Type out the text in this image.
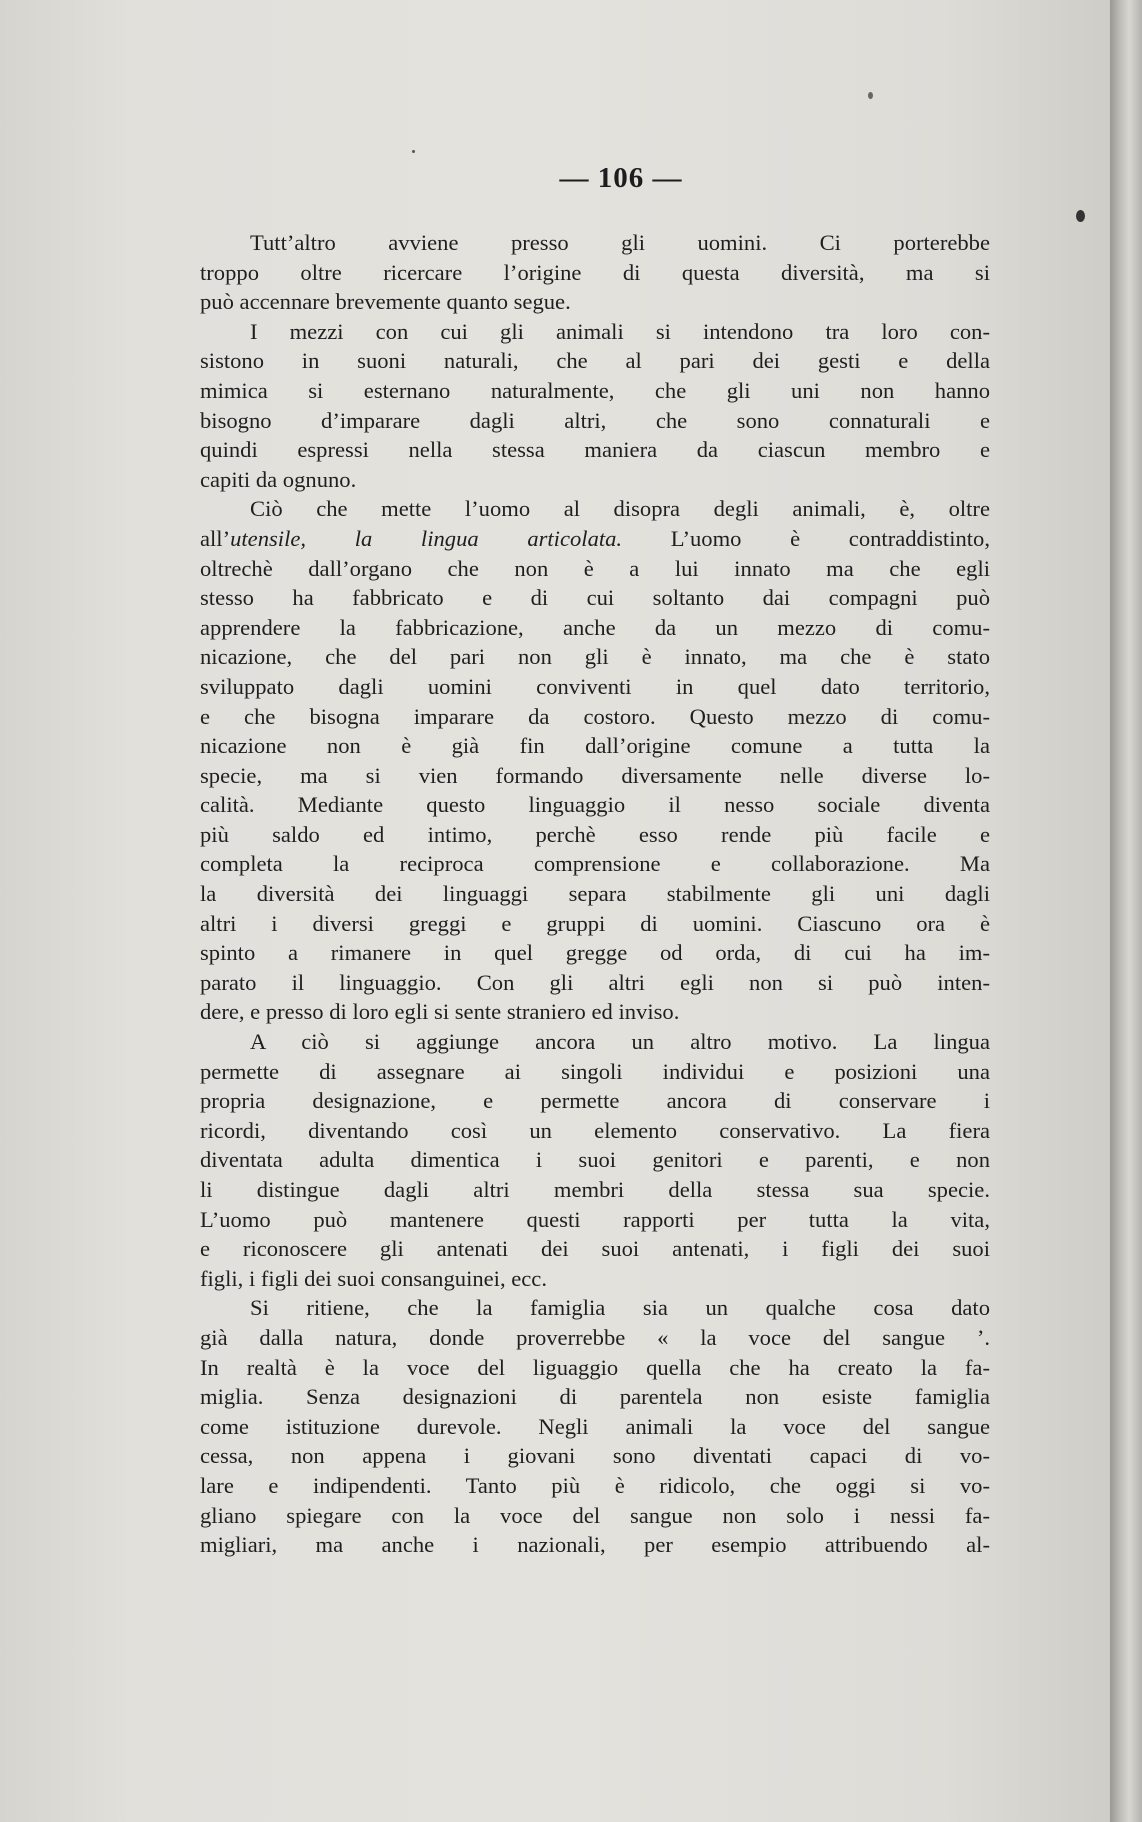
— 106 —
Tutt’altro avviene presso gli uomini. Ci porterebbe
troppo oltre ricercare l’origine di questa diversità, ma si
può accennare brevemente quanto segue.
I mezzi con cui gli animali si intendono tra loro con-
sistono in suoni naturali, che al pari dei gesti e della
mimica si esternano naturalmente, che gli uni non hanno
bisogno d’imparare dagli altri, che sono connaturali e
quindi espressi nella stessa maniera da ciascun membro e
capiti da ognuno.
Ciò che mette l’uomo al disopra degli animali, è, oltre
all’utensile, la lingua articolata. L’uomo è contraddistinto,
oltrechè dall’organo che non è a lui innato ma che egli
stesso ha fabbricato e di cui soltanto dai compagni può
apprendere la fabbricazione, anche da un mezzo di comu-
nicazione, che del pari non gli è innato, ma che è stato
sviluppato dagli uomini conviventi in quel dato territorio,
e che bisogna imparare da costoro. Questo mezzo di comu-
nicazione non è già fin dall’origine comune a tutta la
specie, ma si vien formando diversamente nelle diverse lo-
calità. Mediante questo linguaggio il nesso sociale diventa
più saldo ed intimo, perchè esso rende più facile e
completa la reciproca comprensione e collaborazione. Ma
la diversità dei linguaggi separa stabilmente gli uni dagli
altri i diversi greggi e gruppi di uomini. Ciascuno ora è
spinto a rimanere in quel gregge od orda, di cui ha im-
parato il linguaggio. Con gli altri egli non si può inten-
dere, e presso di loro egli si sente straniero ed inviso.
A ciò si aggiunge ancora un altro motivo. La lingua
permette di assegnare ai singoli individui e posizioni una
propria designazione, e permette ancora di conservare i
ricordi, diventando così un elemento conservativo. La fiera
diventata adulta dimentica i suoi genitori e parenti, e non
li distingue dagli altri membri della stessa sua specie.
L’uomo può mantenere questi rapporti per tutta la vita,
e riconoscere gli antenati dei suoi antenati, i figli dei suoi
figli, i figli dei suoi consanguinei, ecc.
Si ritiene, che la famiglia sia un qualche cosa dato
già dalla natura, donde proverrebbe « la voce del sangue ’.
In realtà è la voce del liguaggio quella che ha creato la fa-
miglia. Senza designazioni di parentela non esiste famiglia
come istituzione durevole. Negli animali la voce del sangue
cessa, non appena i giovani sono diventati capaci di vo-
lare e indipendenti. Tanto più è ridicolo, che oggi si vo-
gliano spiegare con la voce del sangue non solo i nessi fa-
migliari, ma anche i nazionali, per esempio attribuendo al-
